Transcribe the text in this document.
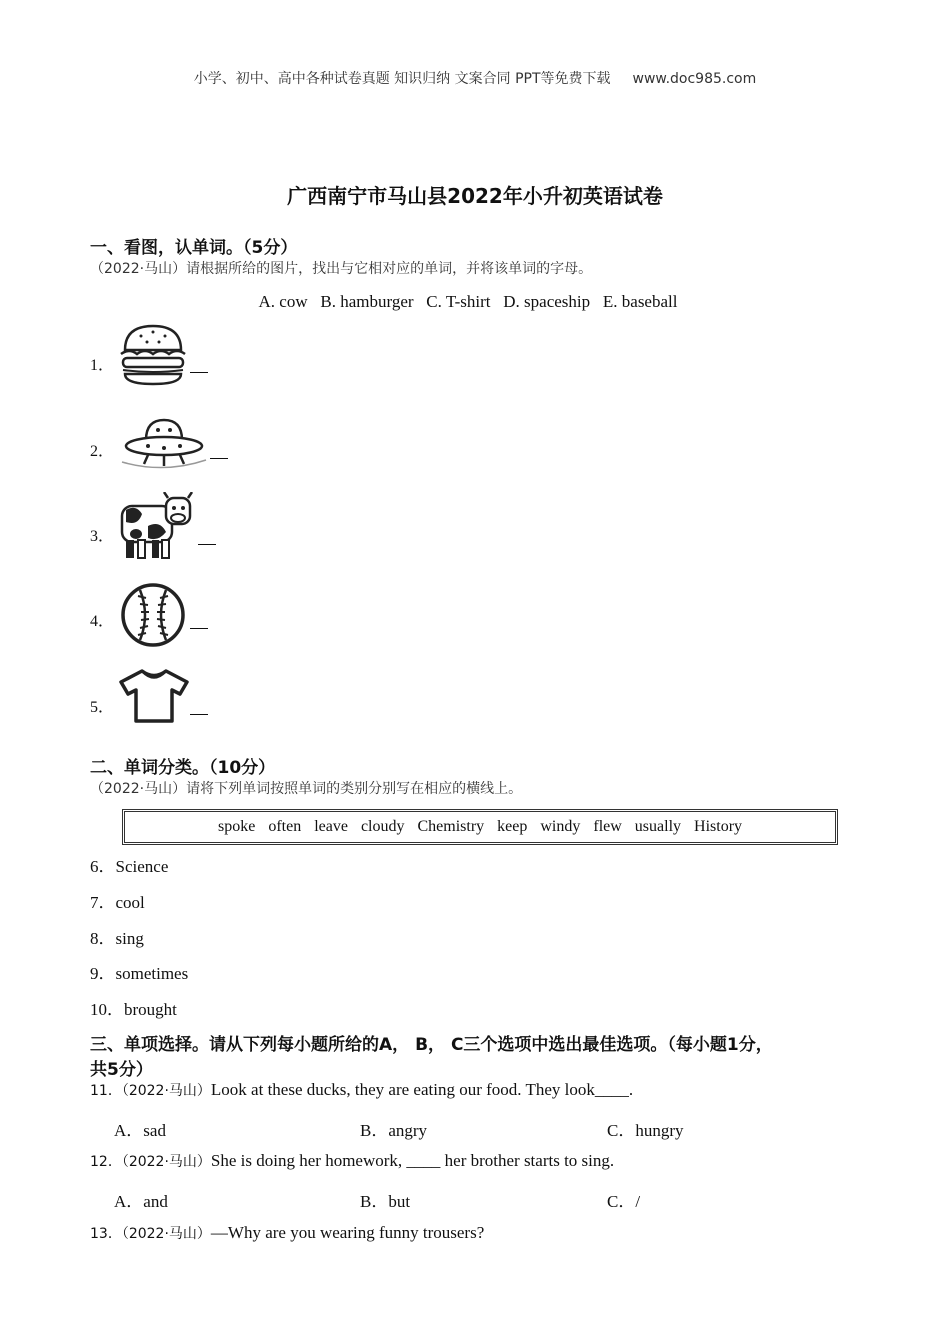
小学、初中、高中各种试卷真题 知识归纳 文案合同 PPT等免费下载 www.doc985.com
广西南宁市马山县2022年小升初英语试卷
一、看图，认单词。（5分）
（2022·马山）请根据所给的图片，找出与它相对应的单词，并将该单词的字母。
A. cow   B. hamburger   C. T-shirt   D. spaceship   E. baseball
1．
2．
3．
4．
5．
二、单词分类。（10分）
（2022·马山）请将下列单词按照单词的类别分别写在相应的横线上。
spoke often leave cloudy Chemistry keep windy flew usually History
6．Science
7．cool
8．sing
9．sometimes
10．brought
三、单项选择。请从下列每小题所给的A， B， C三个选项中选出最佳选项。（每小题1分，
共5分）
11．（2022·马山）Look at these ducks, they are eating our food. They look____.
A．sad	B．angry	C．hungry
12．（2022·马山）She is doing her homework, ____ her brother starts to sing.
A．and	B．but	C．/
13．（2022·马山）—Why are you wearing funny trousers?
